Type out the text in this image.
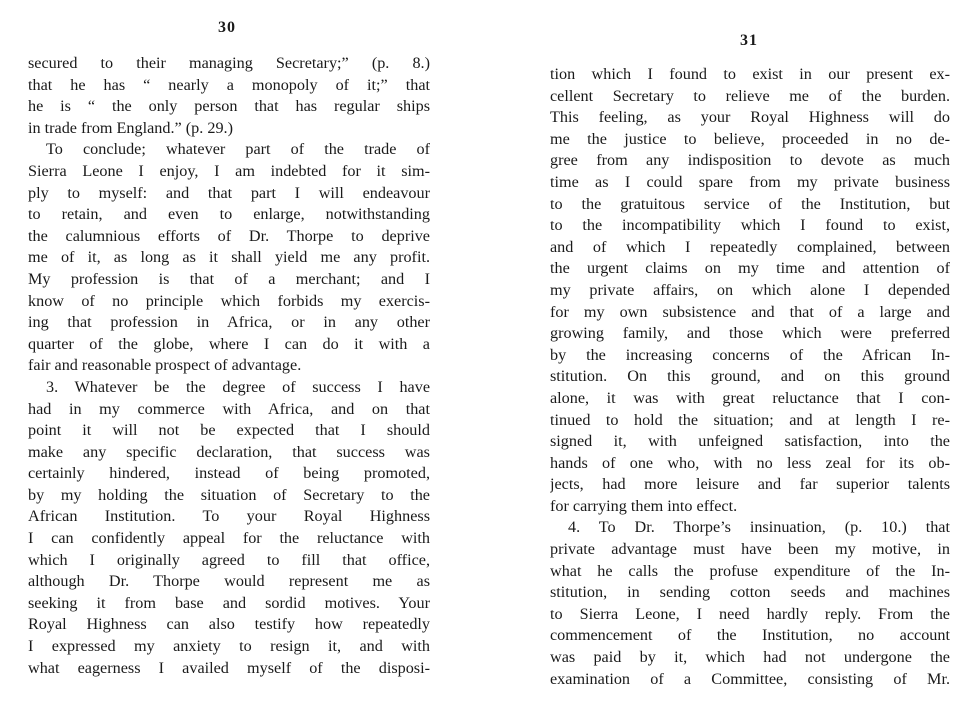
30
secured to their managing Secretary;” (p. 8.)
that he has “ nearly a monopoly of it;” that
he is “ the only person that has regular ships
in trade from England.” (p. 29.)
To conclude; whatever part of the trade of
Sierra Leone I enjoy, I am indebted for it sim-
ply to myself: and that part I will endeavour
to retain, and even to enlarge, notwithstanding
the calumnious efforts of Dr. Thorpe to deprive
me of it, as long as it shall yield me any profit.
My profession is that of a merchant; and I
know of no principle which forbids my exercis-
ing that profession in Africa, or in any other
quarter of the globe, where I can do it with a
fair and reasonable prospect of advantage.
3. Whatever be the degree of success I have
had in my commerce with Africa, and on that
point it will not be expected that I should
make any specific declaration, that success was
certainly hindered, instead of being promoted,
by my holding the situation of Secretary to the
African Institution. To your Royal Highness
I can confidently appeal for the reluctance with
which I originally agreed to fill that office,
although Dr. Thorpe would represent me as
seeking it from base and sordid motives. Your
Royal Highness can also testify how repeatedly
I expressed my anxiety to resign it, and with
what eagerness I availed myself of the disposi-
31
tion which I found to exist in our present ex-
cellent Secretary to relieve me of the burden.
This feeling, as your Royal Highness will do
me the justice to believe, proceeded in no de-
gree from any indisposition to devote as much
time as I could spare from my private business
to the gratuitous service of the Institution, but
to the incompatibility which I found to exist,
and of which I repeatedly complained, between
the urgent claims on my time and attention of
my private affairs, on which alone I depended
for my own subsistence and that of a large and
growing family, and those which were preferred
by the increasing concerns of the African In-
stitution. On this ground, and on this ground
alone, it was with great reluctance that I con-
tinued to hold the situation; and at length I re-
signed it, with unfeigned satisfaction, into the
hands of one who, with no less zeal for its ob-
jects, had more leisure and far superior talents
for carrying them into effect.
4. To Dr. Thorpe’s insinuation, (p. 10.) that
private advantage must have been my motive, in
what he calls the profuse expenditure of the In-
stitution, in sending cotton seeds and machines
to Sierra Leone, I need hardly reply. From the
commencement of the Institution, no account
was paid by it, which had not undergone the
examination of a Committee, consisting of Mr.
